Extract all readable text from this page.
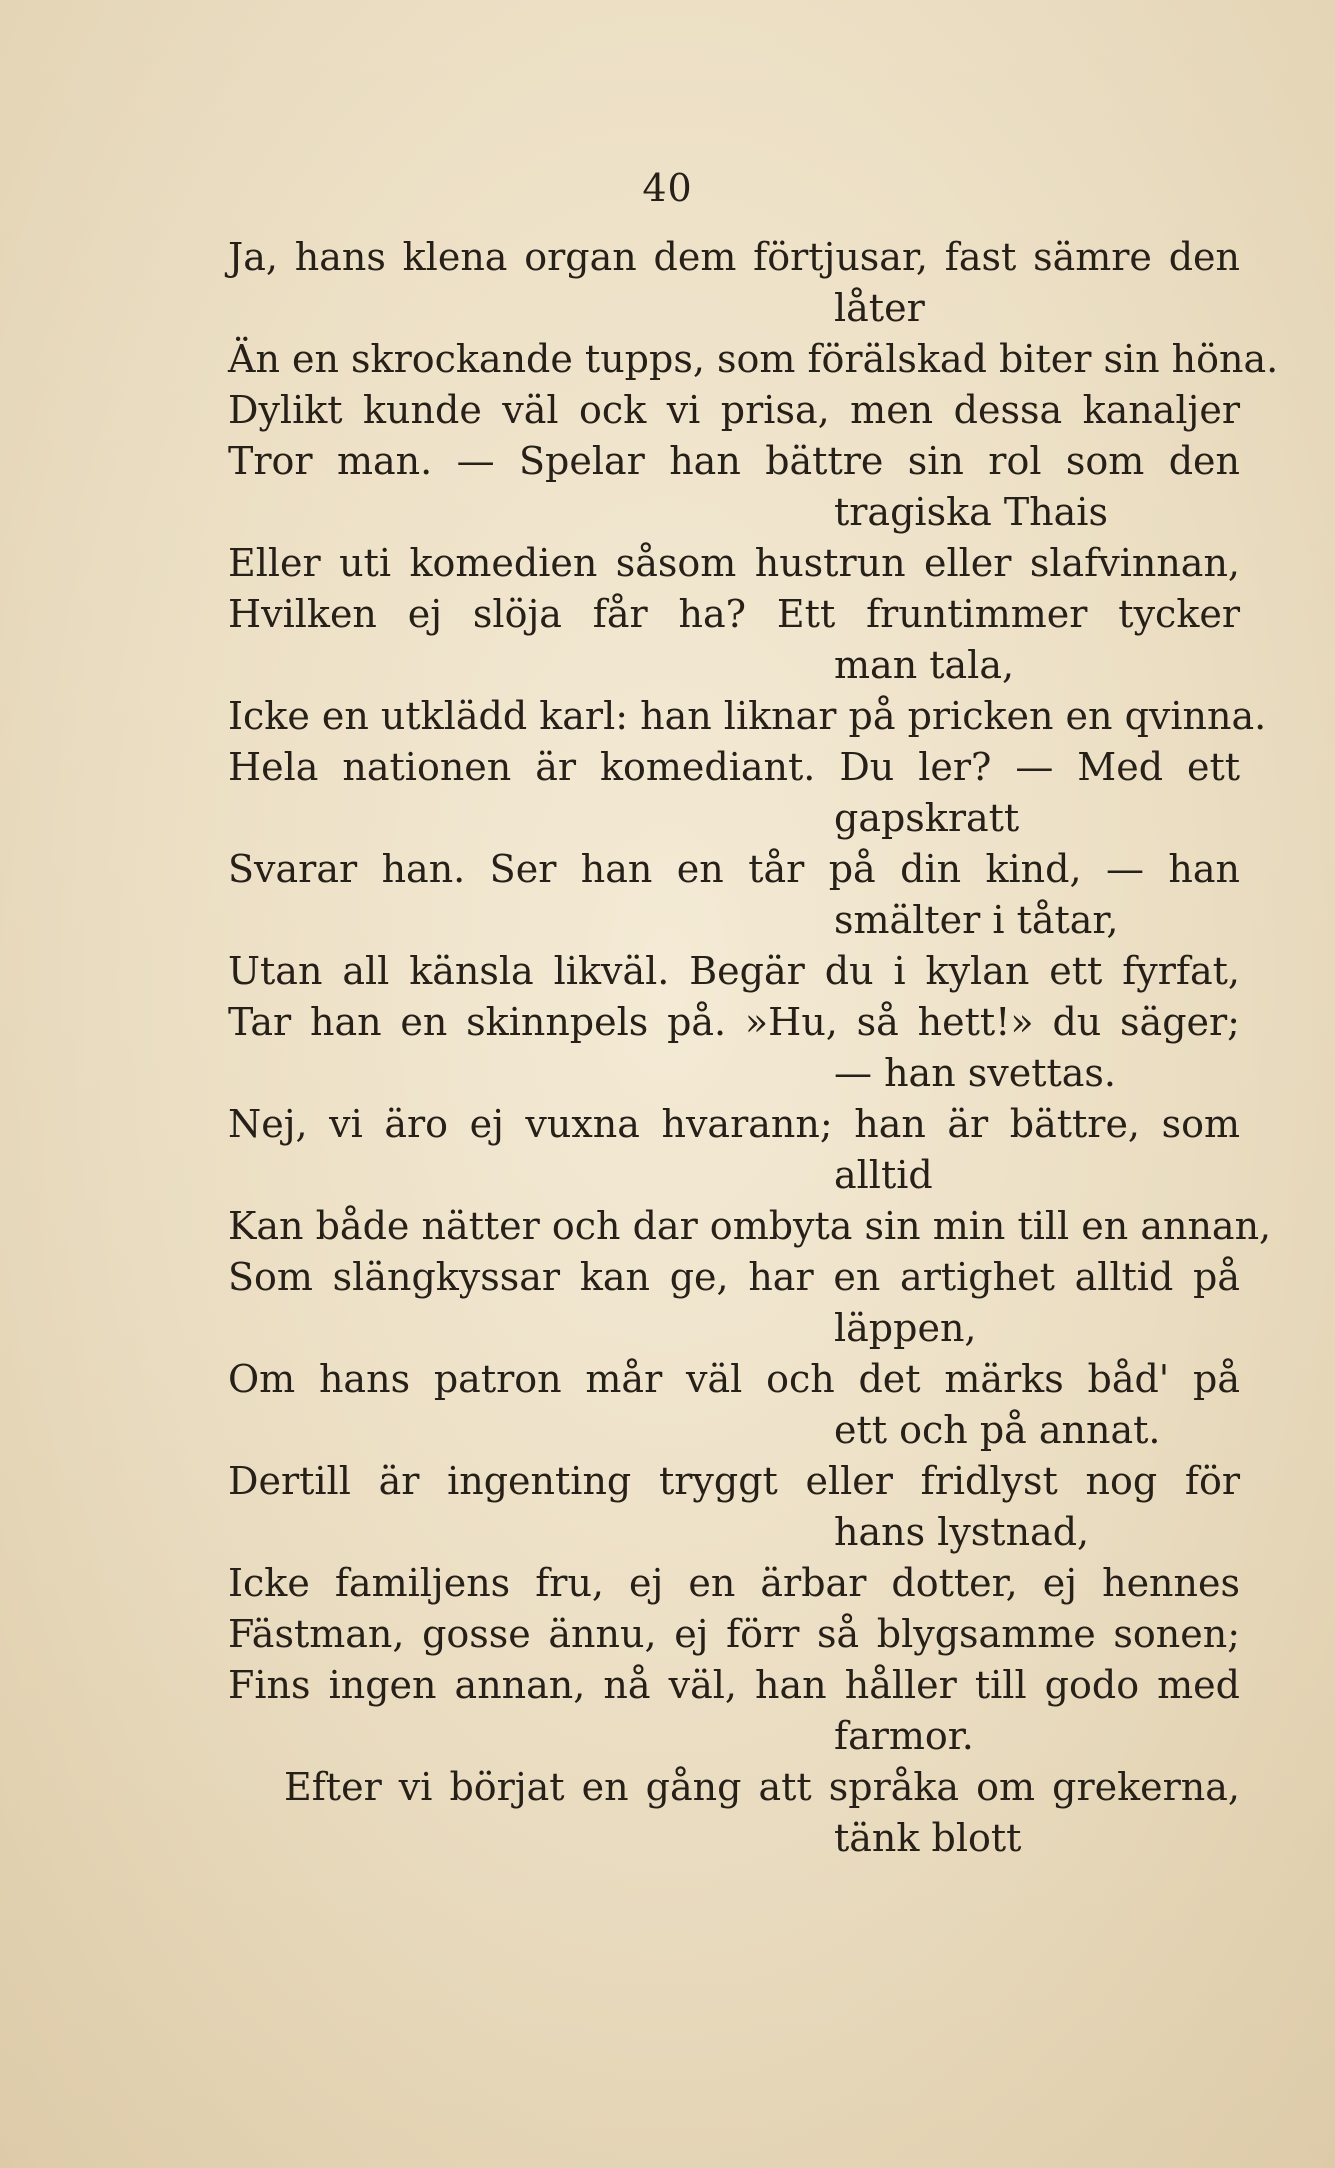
40
Ja, hans klena organ dem förtjusar, fast sämre den
låter
Än en skrockande tupps, som förälskad biter sin höna.
Dylikt kunde väl ock vi prisa, men dessa kanaljer
Tror man. — Spelar han bättre sin rol som den
tragiska Thais
Eller uti komedien såsom hustrun eller slafvinnan,
Hvilken ej slöja får ha? Ett fruntimmer tycker
man tala,
Icke en utklädd karl: han liknar på pricken en qvinna.
Hela nationen är komediant. Du ler? — Med ett
gapskratt
Svarar han. Ser han en tår på din kind, — han
smälter i tåtar,
Utan all känsla likväl. Begär du i kylan ett fyrfat,
Tar han en skinnpels på. »Hu, så hett!» du säger;
— han svettas.
Nej, vi äro ej vuxna hvarann; han är bättre, som
alltid
Kan både nätter och dar ombyta sin min till en annan,
Som slängkyssar kan ge, har en artighet alltid på
läppen,
Om hans patron mår väl och det märks båd' på
ett och på annat.
Dertill är ingenting tryggt eller fridlyst nog för
hans lystnad,
Icke familjens fru, ej en ärbar dotter, ej hennes
Fästman, gosse ännu, ej förr så blygsamme sonen;
Fins ingen annan, nå väl, han håller till godo med
farmor.
Efter vi börjat en gång att språka om grekerna,
tänk blott
